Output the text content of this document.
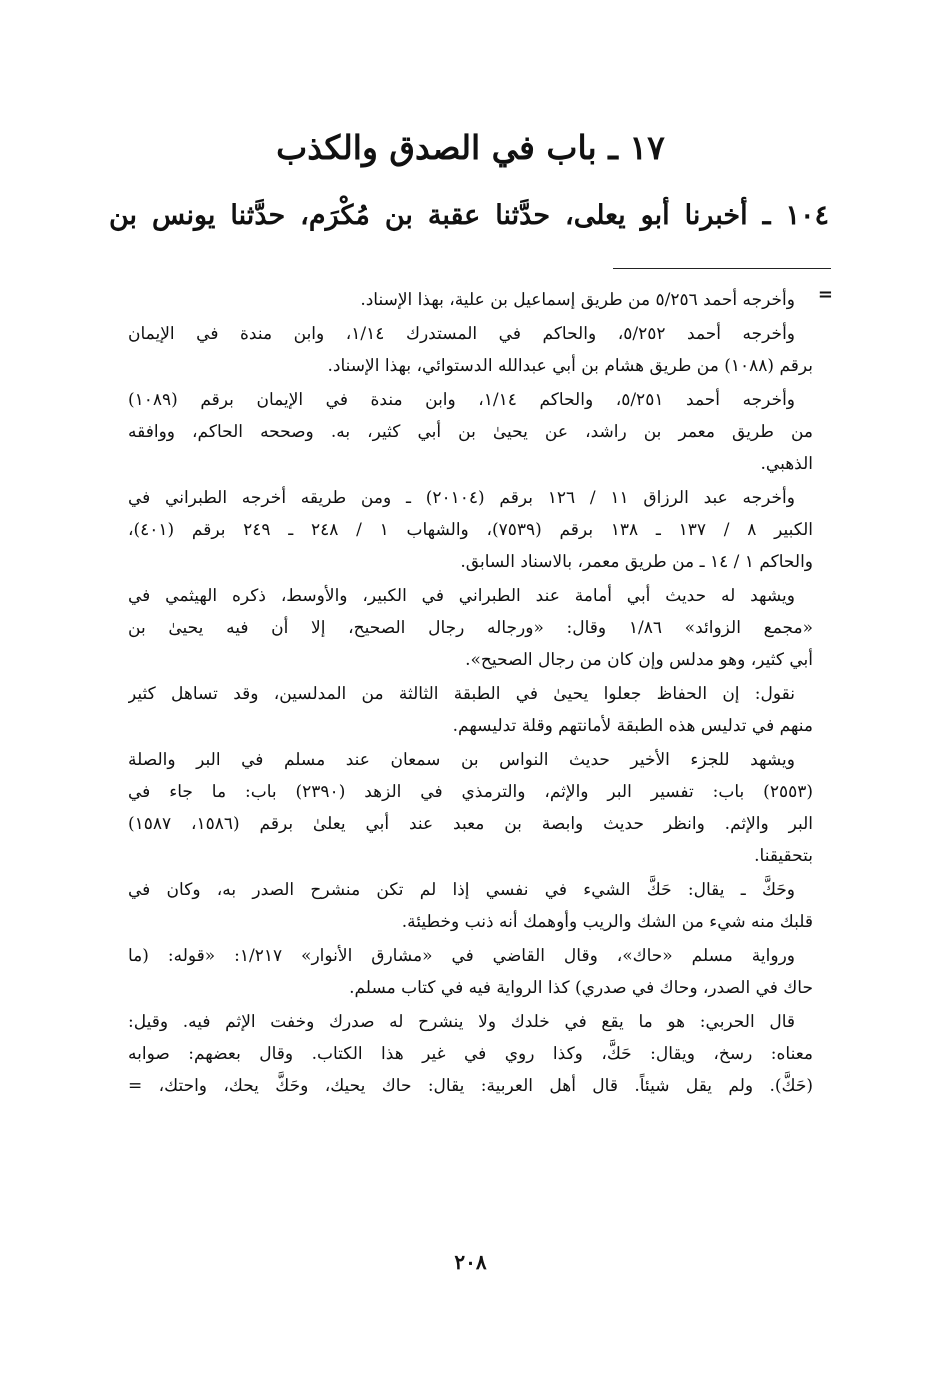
١٧ ـ باب في الصدق والكذب
١٠٤ ـ أخبرنا أبو يعلى، حدَّثنا عقبة بن مُكْرَم، حدَّثنا يونس بن
=
وأخرجه أحمد ٥/٢٥٦ من طريق إسماعيل بن علية، بهذا الإسناد.
وأخرجه أحمد ٥/٢٥٢، والحاكم في المستدرك ١/١٤، وابن مندة في الإيمان
برقم (١٠٨٨) من طريق هشام بن أبي عبدالله الدستوائي، بهذا الإسناد.
وأخرجه أحمد ٥/٢٥١، والحاكم ١/١٤، وابن مندة في الإيمان برقم (١٠٨٩)
من طريق معمر بن راشد، عن يحيىٰ بن أبي كثير، به. وصححه الحاكم، ووافقه
الذهبي.
وأخرجه عبد الرزاق ١١ / ١٢٦ برقم (٢٠١٠٤) ـ ومن طريقه أخرجه الطبراني في
الكبير ٨ / ١٣٧ ـ ١٣٨ برقم (٧٥٣٩)، والشهاب ١ / ٢٤٨ ـ ٢٤٩ برقم (٤٠١)،
والحاكم ١ / ١٤ ـ من طريق معمر، بالاسناد السابق.
ويشهد له حديث أبي أمامة عند الطبراني في الكبير، والأوسط، ذكره الهيثمي في
«مجمع الزوائد» ١/٨٦ وقال: «ورجاله رجال الصحيح، إلا أن فيه يحيىٰ بن
أبي كثير، وهو مدلس وإن كان من رجال الصحيح».
نقول: إن الحفاظ جعلوا يحيىٰ في الطبقة الثالثة من المدلسين، وقد تساهل كثير
منهم في تدليس هذه الطبقة لأمانتهم وقلة تدليسهم.
ويشهد للجزء الأخير حديث النواس بن سمعان عند مسلم في البر والصلة
(٢٥٥٣) باب: تفسير البر والإثم، والترمذي في الزهد (٢٣٩٠) باب: ما جاء في
البر والإثم. وانظر حديث وابصة بن معبد عند أبي يعلىٰ برقم (١٥٨٦، ١٥٨٧)
بتحقيقنا.
وحَكَّ ـ يقال: حَكَّ الشيء في نفسي إذا لم تكن منشرح الصدر به، وكان في
قلبك منه شيء من الشك والريب وأوهمك أنه ذنب وخطيئة.
ورواية مسلم «حاك»، وقال القاضي في «مشارق الأنوار» ١/٢١٧: «قوله: (ما
حاك في الصدر، وحاك في صدري) كذا الرواية فيه في كتاب مسلم.
قال الحربي: هو ما يقع في خلدك ولا ينشرح له صدرك وخفت الإثم فيه. وقيل:
معناه: رسخ، ويقال: حَكَّ، وكذا روي في غير هذا الكتاب. وقال بعضهم: صوابه
(حَكَّ). ولم يقل شيئاً. قال أهل العربية: يقال: حاك يحيك، وحَكَّ يحك، واحتك، =
٢٠٨
